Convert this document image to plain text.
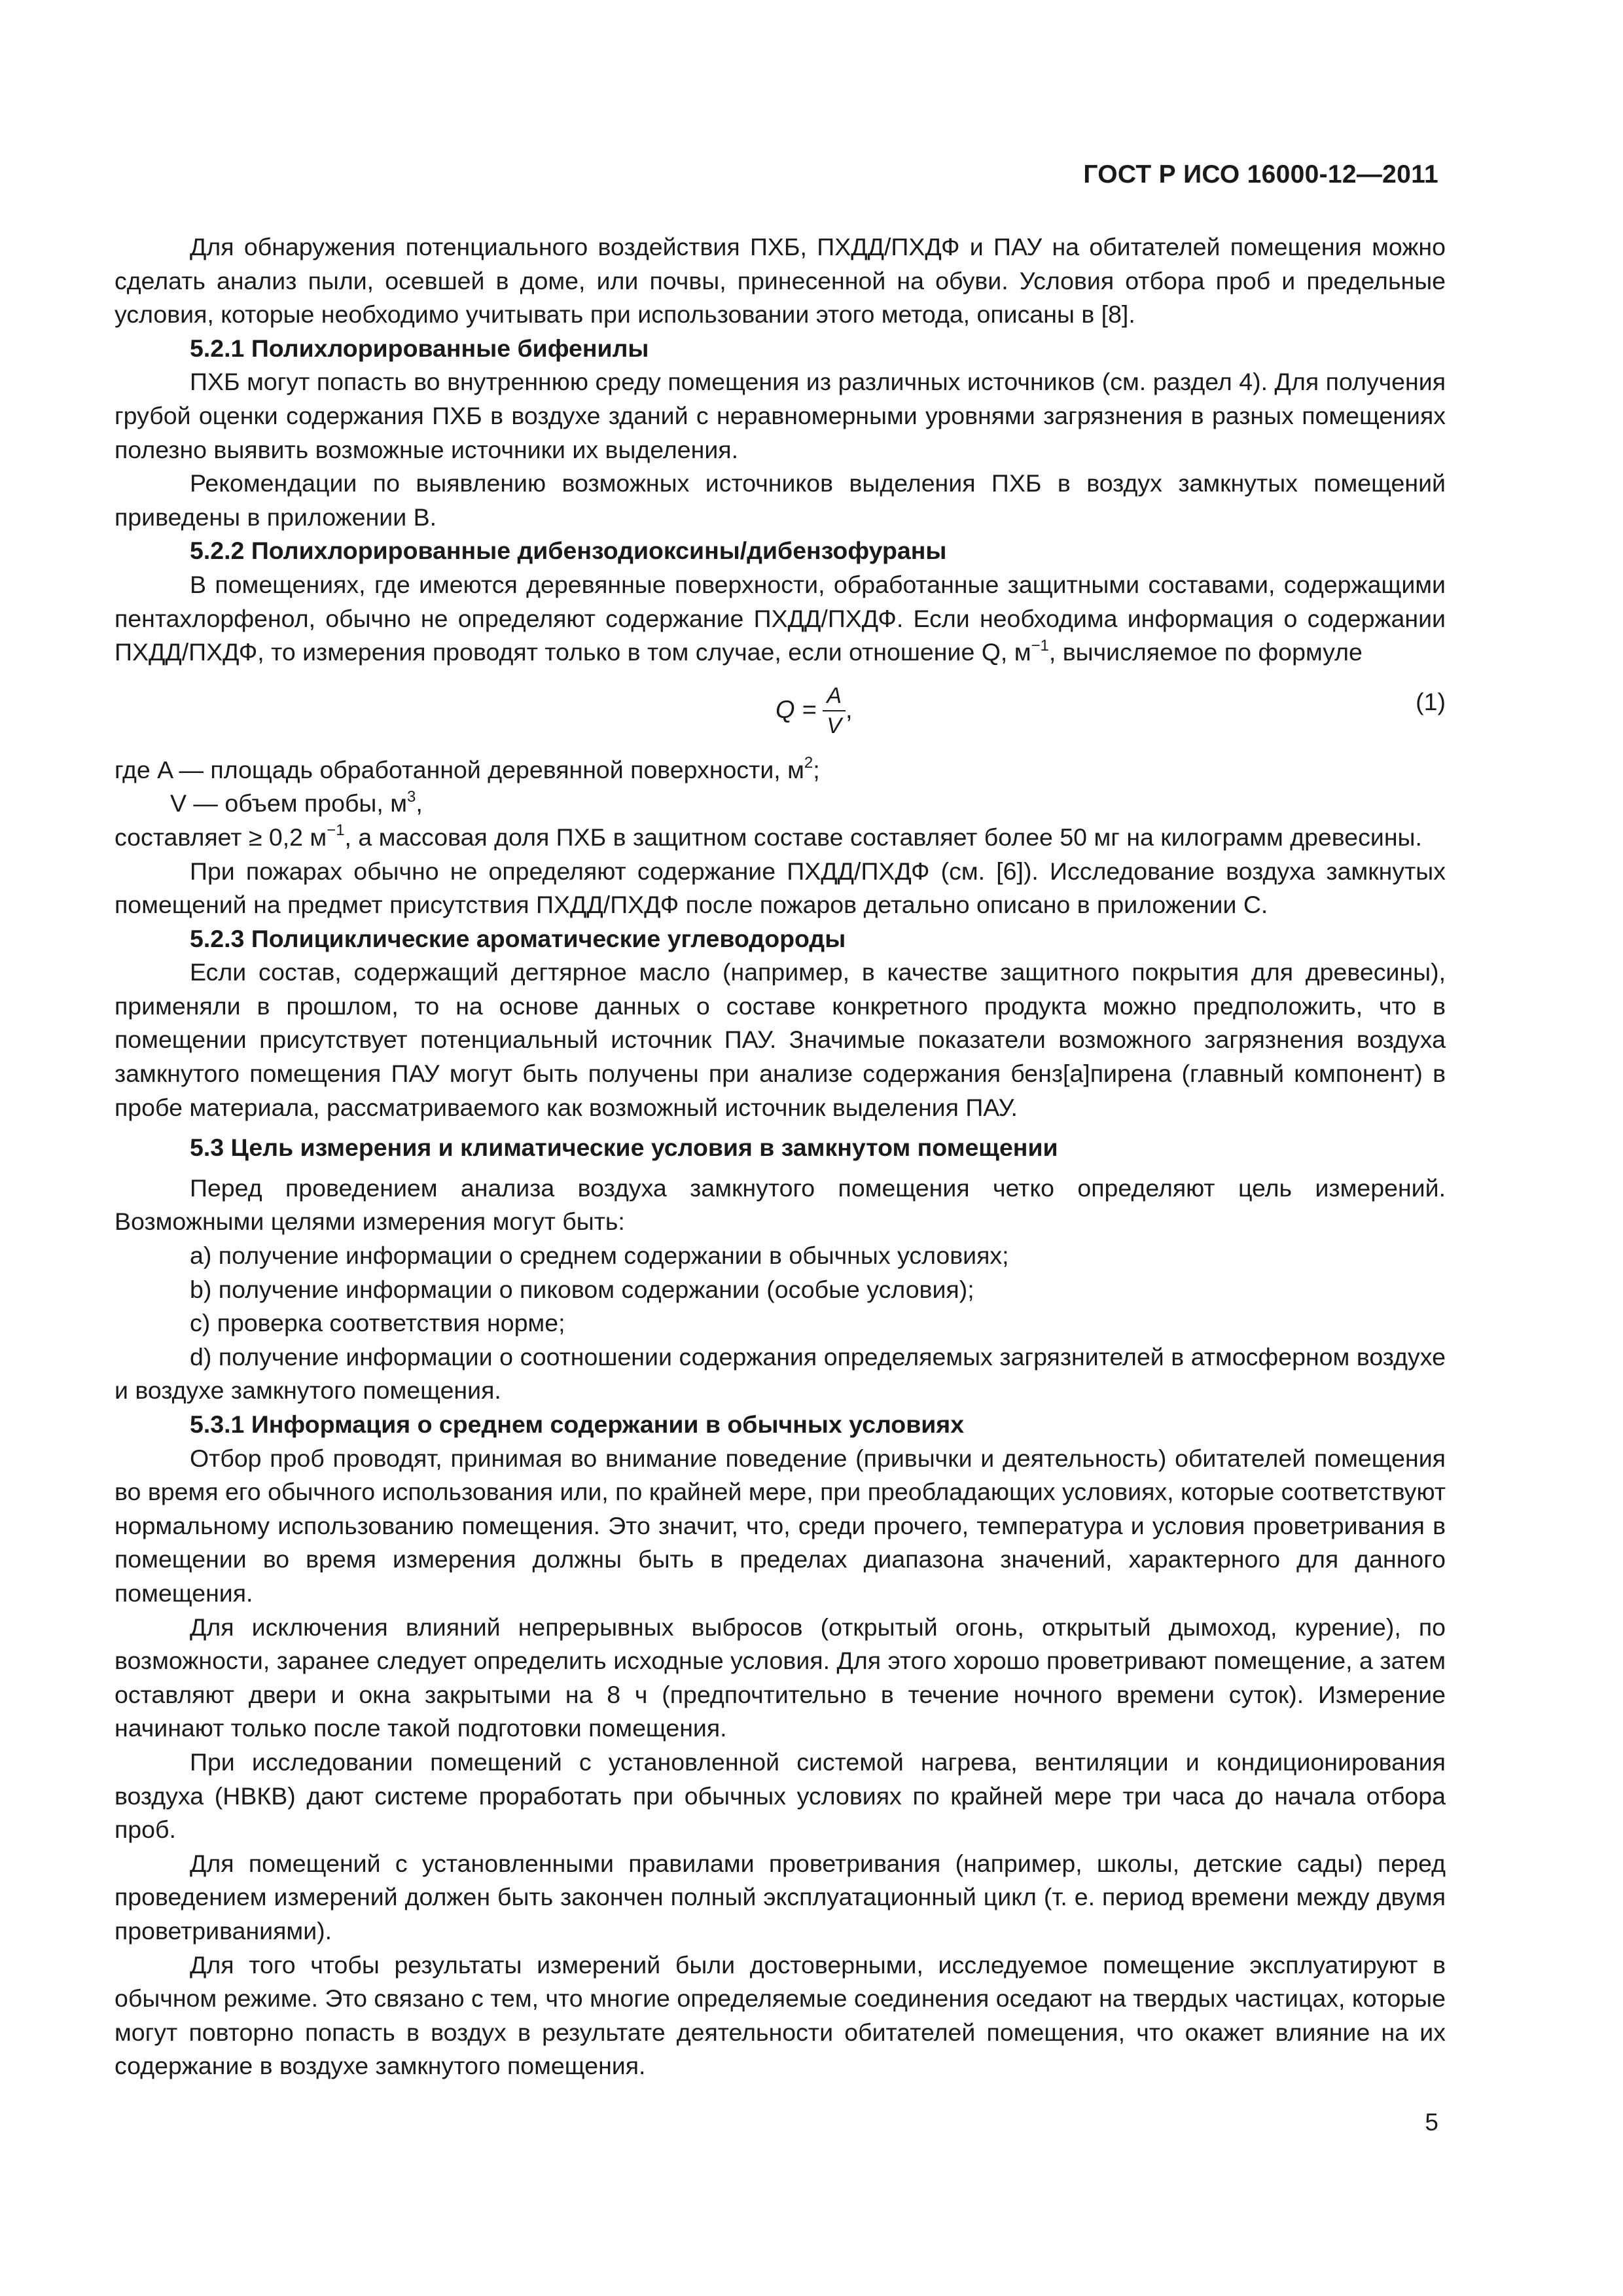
ГОСТ Р ИСО 16000-12—2011

Для обнаружения потенциального воздействия ПХБ, ПХДД/ПХДФ и ПАУ на обитателей помещения можно сделать анализ пыли, осевшей в доме, или почвы, принесенной на обуви. Условия отбора проб и предельные условия, которые необходимо учитывать при использовании этого метода, описаны в [8].

5.2.1 Полихлорированные бифенилы

ПХБ могут попасть во внутреннюю среду помещения из различных источников (см. раздел 4). Для получения грубой оценки содержания ПХБ в воздухе зданий с неравномерными уровнями загрязнения в разных помещениях полезно выявить возможные источники их выделения.

Рекомендации по выявлению возможных источников выделения ПХБ в воздух замкнутых помещений приведены в приложении В.

5.2.2 Полихлорированные дибензодиоксины/дибензофураны

В помещениях, где имеются деревянные поверхности, обработанные защитными составами, содержащими пентахлорфенол, обычно не определяют содержание ПХДД/ПХДФ. Если необходима информация о содержании ПХДД/ПХДФ, то измерения проводят только в том случае, если отношение Q, $м^{-1}$, вычисляемое по формуле

$Q = \frac{A}{V}$ ,	(1)

где A — площадь обработанной деревянной поверхности, $м^2$;

V — объем пробы, $м^3$,

составляет ≥ 0,2 $м^{-1}$, а массовая доля ПХБ в защитном составе составляет более 50 мг на килограмм древесины.

При пожарах обычно не определяют содержание ПХДД/ПХДФ (см. [6]). Исследование воздуха замкнутых помещений на предмет присутствия ПХДД/ПХДФ после пожаров детально описано в приложении С.

5.2.3 Полициклические ароматические углеводороды

Если состав, содержащий дегтярное масло (например, в качестве защитного покрытия для древесины), применяли в прошлом, то на основе данных о составе конкретного продукта можно предположить, что в помещении присутствует потенциальный источник ПАУ. Значимые показатели возможного загрязнения воздуха замкнутого помещения ПАУ могут быть получены при анализе содержания бенз[а]пирена (главный компонент) в пробе материала, рассматриваемого как возможный источник выделения ПАУ.

5.3 Цель измерения и климатические условия в замкнутом помещении

Перед проведением анализа воздуха замкнутого помещения четко определяют цель измерений. Возможными целями измерения могут быть:

a) получение информации о среднем содержании в обычных условиях;

b) получение информации о пиковом содержании (особые условия);

c) проверка соответствия норме;

d) получение информации о соотношении содержания определяемых загрязнителей в атмосферном воздухе и воздухе замкнутого помещения.

5.3.1 Информация о среднем содержании в обычных условиях

Отбор проб проводят, принимая во внимание поведение (привычки и деятельность) обитателей помещения во время его обычного использования или, по крайней мере, при преобладающих условиях, которые соответствуют нормальному использованию помещения. Это значит, что, среди прочего, температура и условия проветривания в помещении во время измерения должны быть в пределах диапазона значений, характерного для данного помещения.

Для исключения влияний непрерывных выбросов (открытый огонь, открытый дымоход, курение), по возможности, заранее следует определить исходные условия. Для этого хорошо проветривают помещение, а затем оставляют двери и окна закрытыми на 8 ч (предпочтительно в течение ночного времени суток). Измерение начинают только после такой подготовки помещения.

При исследовании помещений с установленной системой нагрева, вентиляции и кондиционирования воздуха (НВКВ) дают системе проработать при обычных условиях по крайней мере три часа до начала отбора проб.

Для помещений с установленными правилами проветривания (например, школы, детские сады) перед проведением измерений должен быть закончен полный эксплуатационный цикл (т. е. период времени между двумя проветриваниями).

Для того чтобы результаты измерений были достоверными, исследуемое помещение эксплуатируют в обычном режиме. Это связано с тем, что многие определяемые соединения оседают на твердых частицах, которые могут повторно попасть в воздух в результате деятельности обитателей помещения, что окажет влияние на их содержание в воздухе замкнутого помещения.

5
